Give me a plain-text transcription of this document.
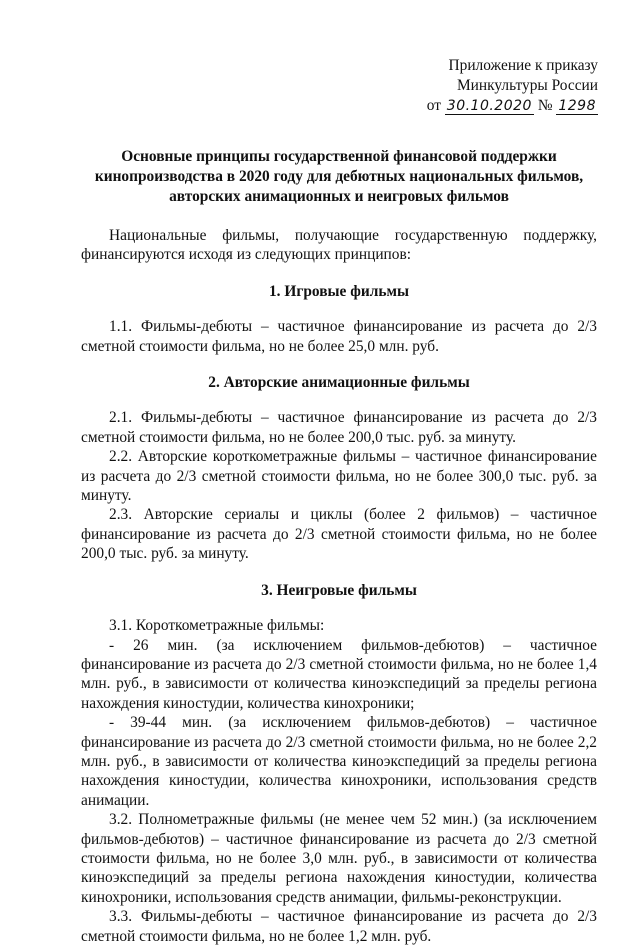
Приложение к приказу
Минкультуры России
от 30.10.2020 № 1298
Основные принципы государственной финансовой поддержки
кинопроизводства в 2020 году для дебютных национальных фильмов,
авторских анимационных и неигровых фильмов

Национальные фильмы, получающие государственную поддержку, финансируются исходя из следующих принципов:

1. Игровые фильмы

1.1. Фильмы-дебюты – частичное финансирование из расчета до 2/3 сметной стоимости фильма, но не более 25,0 млн. руб.

2. Авторские анимационные фильмы

2.1. Фильмы-дебюты – частичное финансирование из расчета до 2/3 сметной стоимости фильма, но не более 200,0 тыс. руб. за минуту.

2.2. Авторские короткометражные фильмы – частичное финансирование из расчета до 2/3 сметной стоимости фильма, но не более 300,0 тыс. руб. за минуту.

2.3. Авторские сериалы и циклы (более 2 фильмов) – частичное финансирование из расчета до 2/3 сметной стоимости фильма, но не более 200,0 тыс. руб. за минуту.

3. Неигровые фильмы

3.1. Короткометражные фильмы:

- 26 мин. (за исключением фильмов-дебютов) – частичное финансирование из расчета до 2/3 сметной стоимости фильма, но не более 1,4 млн. руб., в зависимости от количества киноэкспедиций за пределы региона нахождения киностудии, количества кинохроники;

- 39-44 мин. (за исключением фильмов-дебютов) – частичное финансирование из расчета до 2/3 сметной стоимости фильма, но не более 2,2 млн. руб., в зависимости от количества киноэкспедиций за пределы региона нахождения киностудии, количества кинохроники, использования средств анимации.

3.2. Полнометражные фильмы (не менее чем 52 мин.) (за исключением фильмов-дебютов) – частичное финансирование из расчета до 2/3 сметной стоимости фильма, но не более 3,0 млн. руб., в зависимости от количества киноэкспедиций за пределы региона нахождения киностудии, количества кинохроники, использования средств анимации, фильмы-реконструкции.

3.3. Фильмы-дебюты – частичное финансирование из расчета до 2/3 сметной стоимости фильма, но не более 1,2 млн. руб.
